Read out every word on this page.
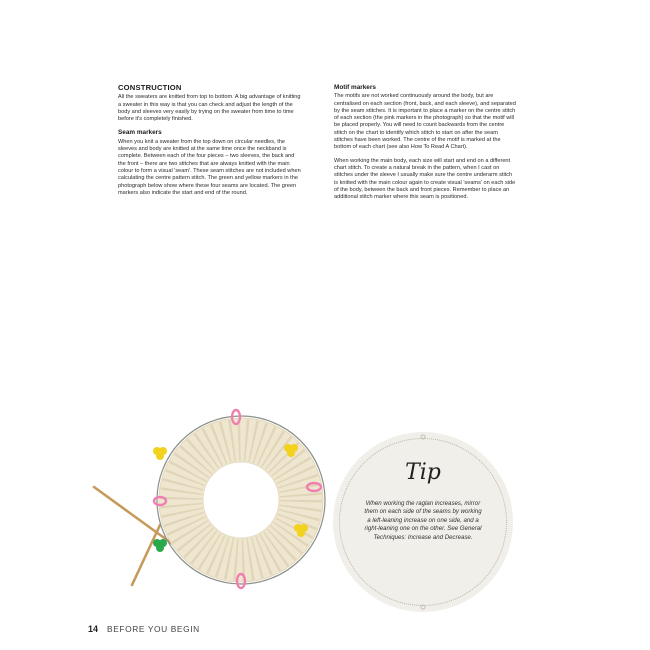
CONSTRUCTION

All the sweaters are knitted from top to bottom. A big advantage of knitting a sweater in this way is that you can check and adjust the length of the body and sleeves very easily by trying on the sweater from time to time before it's completely finished.

Seam markers

When you knit a sweater from the top down on circular needles, the sleeves and body are knitted at the same time once the neckband is complete. Between each of the four pieces – two sleeves, the back and the front – there are two stitches that are always knitted with the main colour to form a visual 'seam'. These seam stitches are not included when calculating the centre pattern stitch. The green and yellow markers in the photograph below show where these four seams are located. The green markers also indicate the start and end of the round.

Motif markers

The motifs are not worked continuously around the body, but are centralised on each section (front, back, and each sleeve), and separated by the seam stitches. It is important to place a marker on the centre stitch of each section (the pink markers in the photograph) so that the motif will be placed properly. You will need to count backwards from the centre stitch on the chart to identify which stitch to start on after the seam stitches have been worked. The centre of the motif is marked at the bottom of each chart (see also How To Read A Chart).

When working the main body, each size will start and end on a different chart stitch. To create a natural break in the pattern, when I cast on stitches under the sleeve I usually make sure the centre underarm stitch is knitted with the main colour again to create visual 'seams' on each side of the body, between the back and front pieces. Remember to place an additional stitch marker where this seam is positioned.

Tip
When working the raglan increases, mirror them on each side of the seams by working a left-leaning increase on one side, and a right-leaning one on the other. See General Techniques: Increase and Decrease.
14 BEFORE YOU BEGIN
